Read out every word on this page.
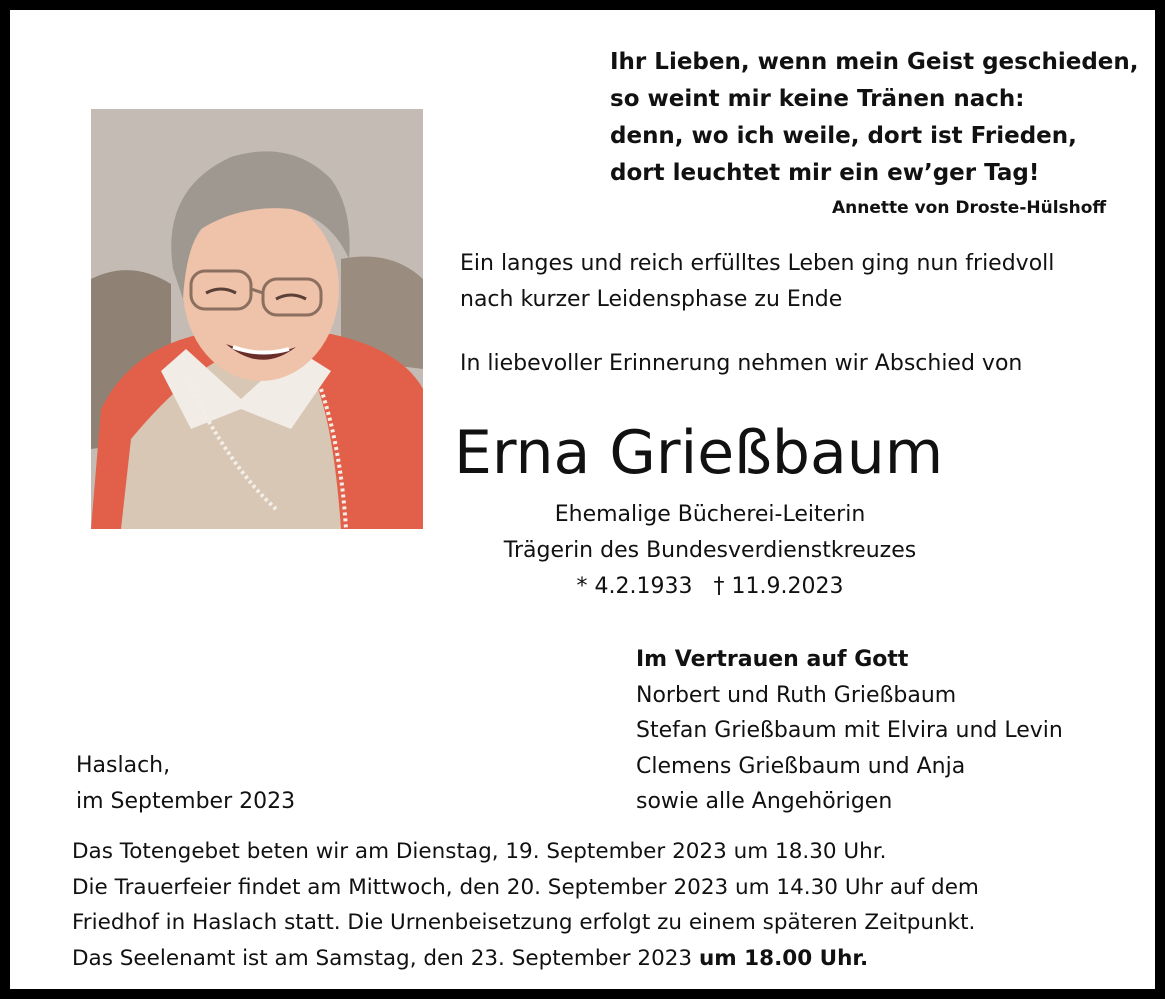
Ihr Lieben, wenn mein Geist geschieden,
so weint mir keine Tränen nach:
denn, wo ich weile, dort ist Frieden,
dort leuchtet mir ein ew’ger Tag!
Annette von Droste-Hülshoff
Ein langes und reich erfülltes Leben ging nun friedvoll
nach kurzer Leidensphase zu Ende
In liebevoller Erinnerung nehmen wir Abschied von
Erna Grießbaum
Ehemalige Bücherei-Leiterin
Trägerin des Bundesverdienstkreuzes
* 4.2.1933   † 11.9.2023
Im Vertrauen auf Gott
Norbert und Ruth Grießbaum
Stefan Grießbaum mit Elvira und Levin
Clemens Grießbaum und Anja
sowie alle Angehörigen
Haslach,
im September 2023
Das Totengebet beten wir am Dienstag, 19. September 2023 um 18.30 Uhr.
Die Trauerfeier findet am Mittwoch, den 20. September 2023 um 14.30 Uhr auf dem
Friedhof in Haslach statt. Die Urnenbeisetzung erfolgt zu einem späteren Zeitpunkt.
Das Seelenamt ist am Samstag, den 23. September 2023 um 18.00 Uhr.
